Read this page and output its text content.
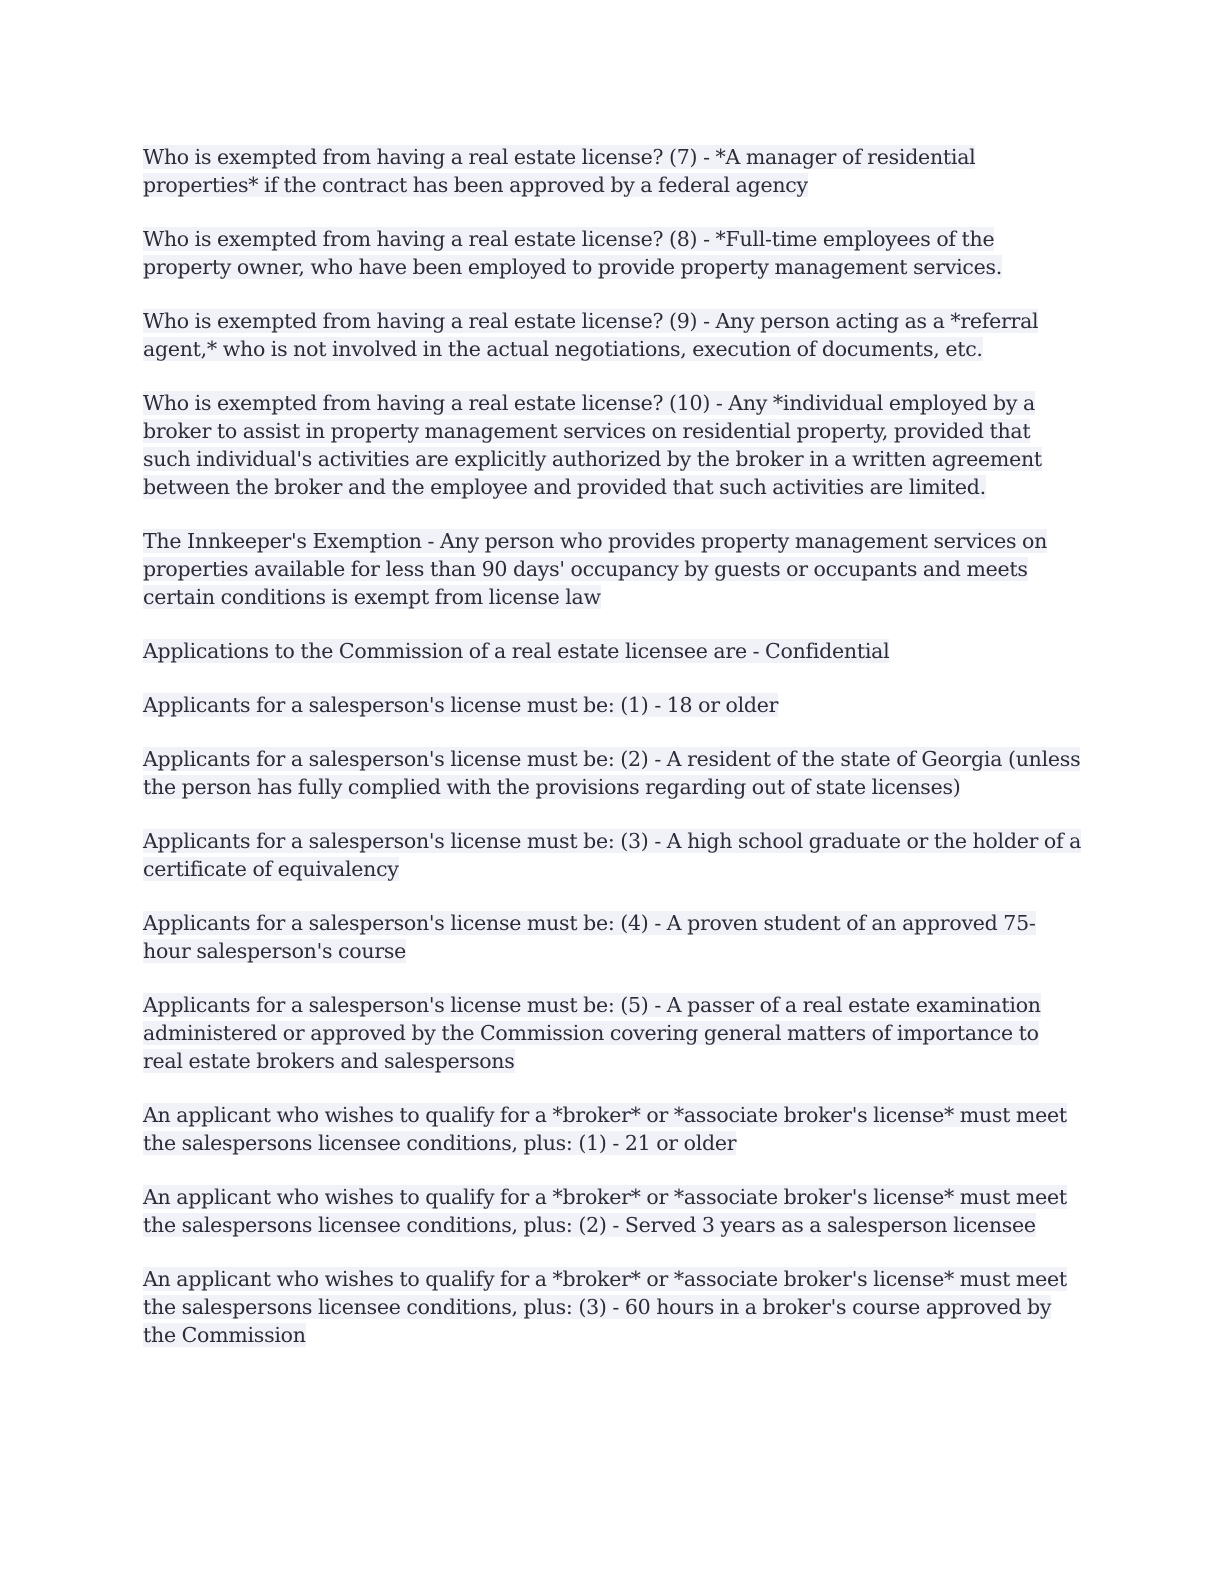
Who is exempted from having a real estate license? (7) - *A manager of residential properties* if the contract has been approved by a federal agency

Who is exempted from having a real estate license? (8) - *Full-time employees of the property owner, who have been employed to provide property management services.

Who is exempted from having a real estate license? (9) - Any person acting as a *referral agent,* who is not involved in the actual negotiations, execution of documents, etc.

Who is exempted from having a real estate license? (10) - Any *individual employed by a broker to assist in property management services on residential property, provided that such individual's activities are explicitly authorized by the broker in a written agreement between the broker and the employee and provided that such activities are limited.

The Innkeeper's Exemption - Any person who provides property management services on properties available for less than 90 days' occupancy by guests or occupants and meets certain conditions is exempt from license law

Applications to the Commission of a real estate licensee are - Confidential

Applicants for a salesperson's license must be: (1) - 18 or older

Applicants for a salesperson's license must be: (2) - A resident of the state of Georgia (unless the person has fully complied with the provisions regarding out of state licenses)

Applicants for a salesperson's license must be: (3) - A high school graduate or the holder of a certificate of equivalency

Applicants for a salesperson's license must be: (4) - A proven student of an approved 75-hour salesperson's course

Applicants for a salesperson's license must be: (5) - A passer of a real estate examination administered or approved by the Commission covering general matters of importance to real estate brokers and salespersons

An applicant who wishes to qualify for a *broker* or *associate broker's license* must meet the salespersons licensee conditions, plus: (1) - 21 or older

An applicant who wishes to qualify for a *broker* or *associate broker's license* must meet the salespersons licensee conditions, plus: (2) - Served 3 years as a salesperson licensee

An applicant who wishes to qualify for a *broker* or *associate broker's license* must meet the salespersons licensee conditions, plus: (3) - 60 hours in a broker's course approved by the Commission
